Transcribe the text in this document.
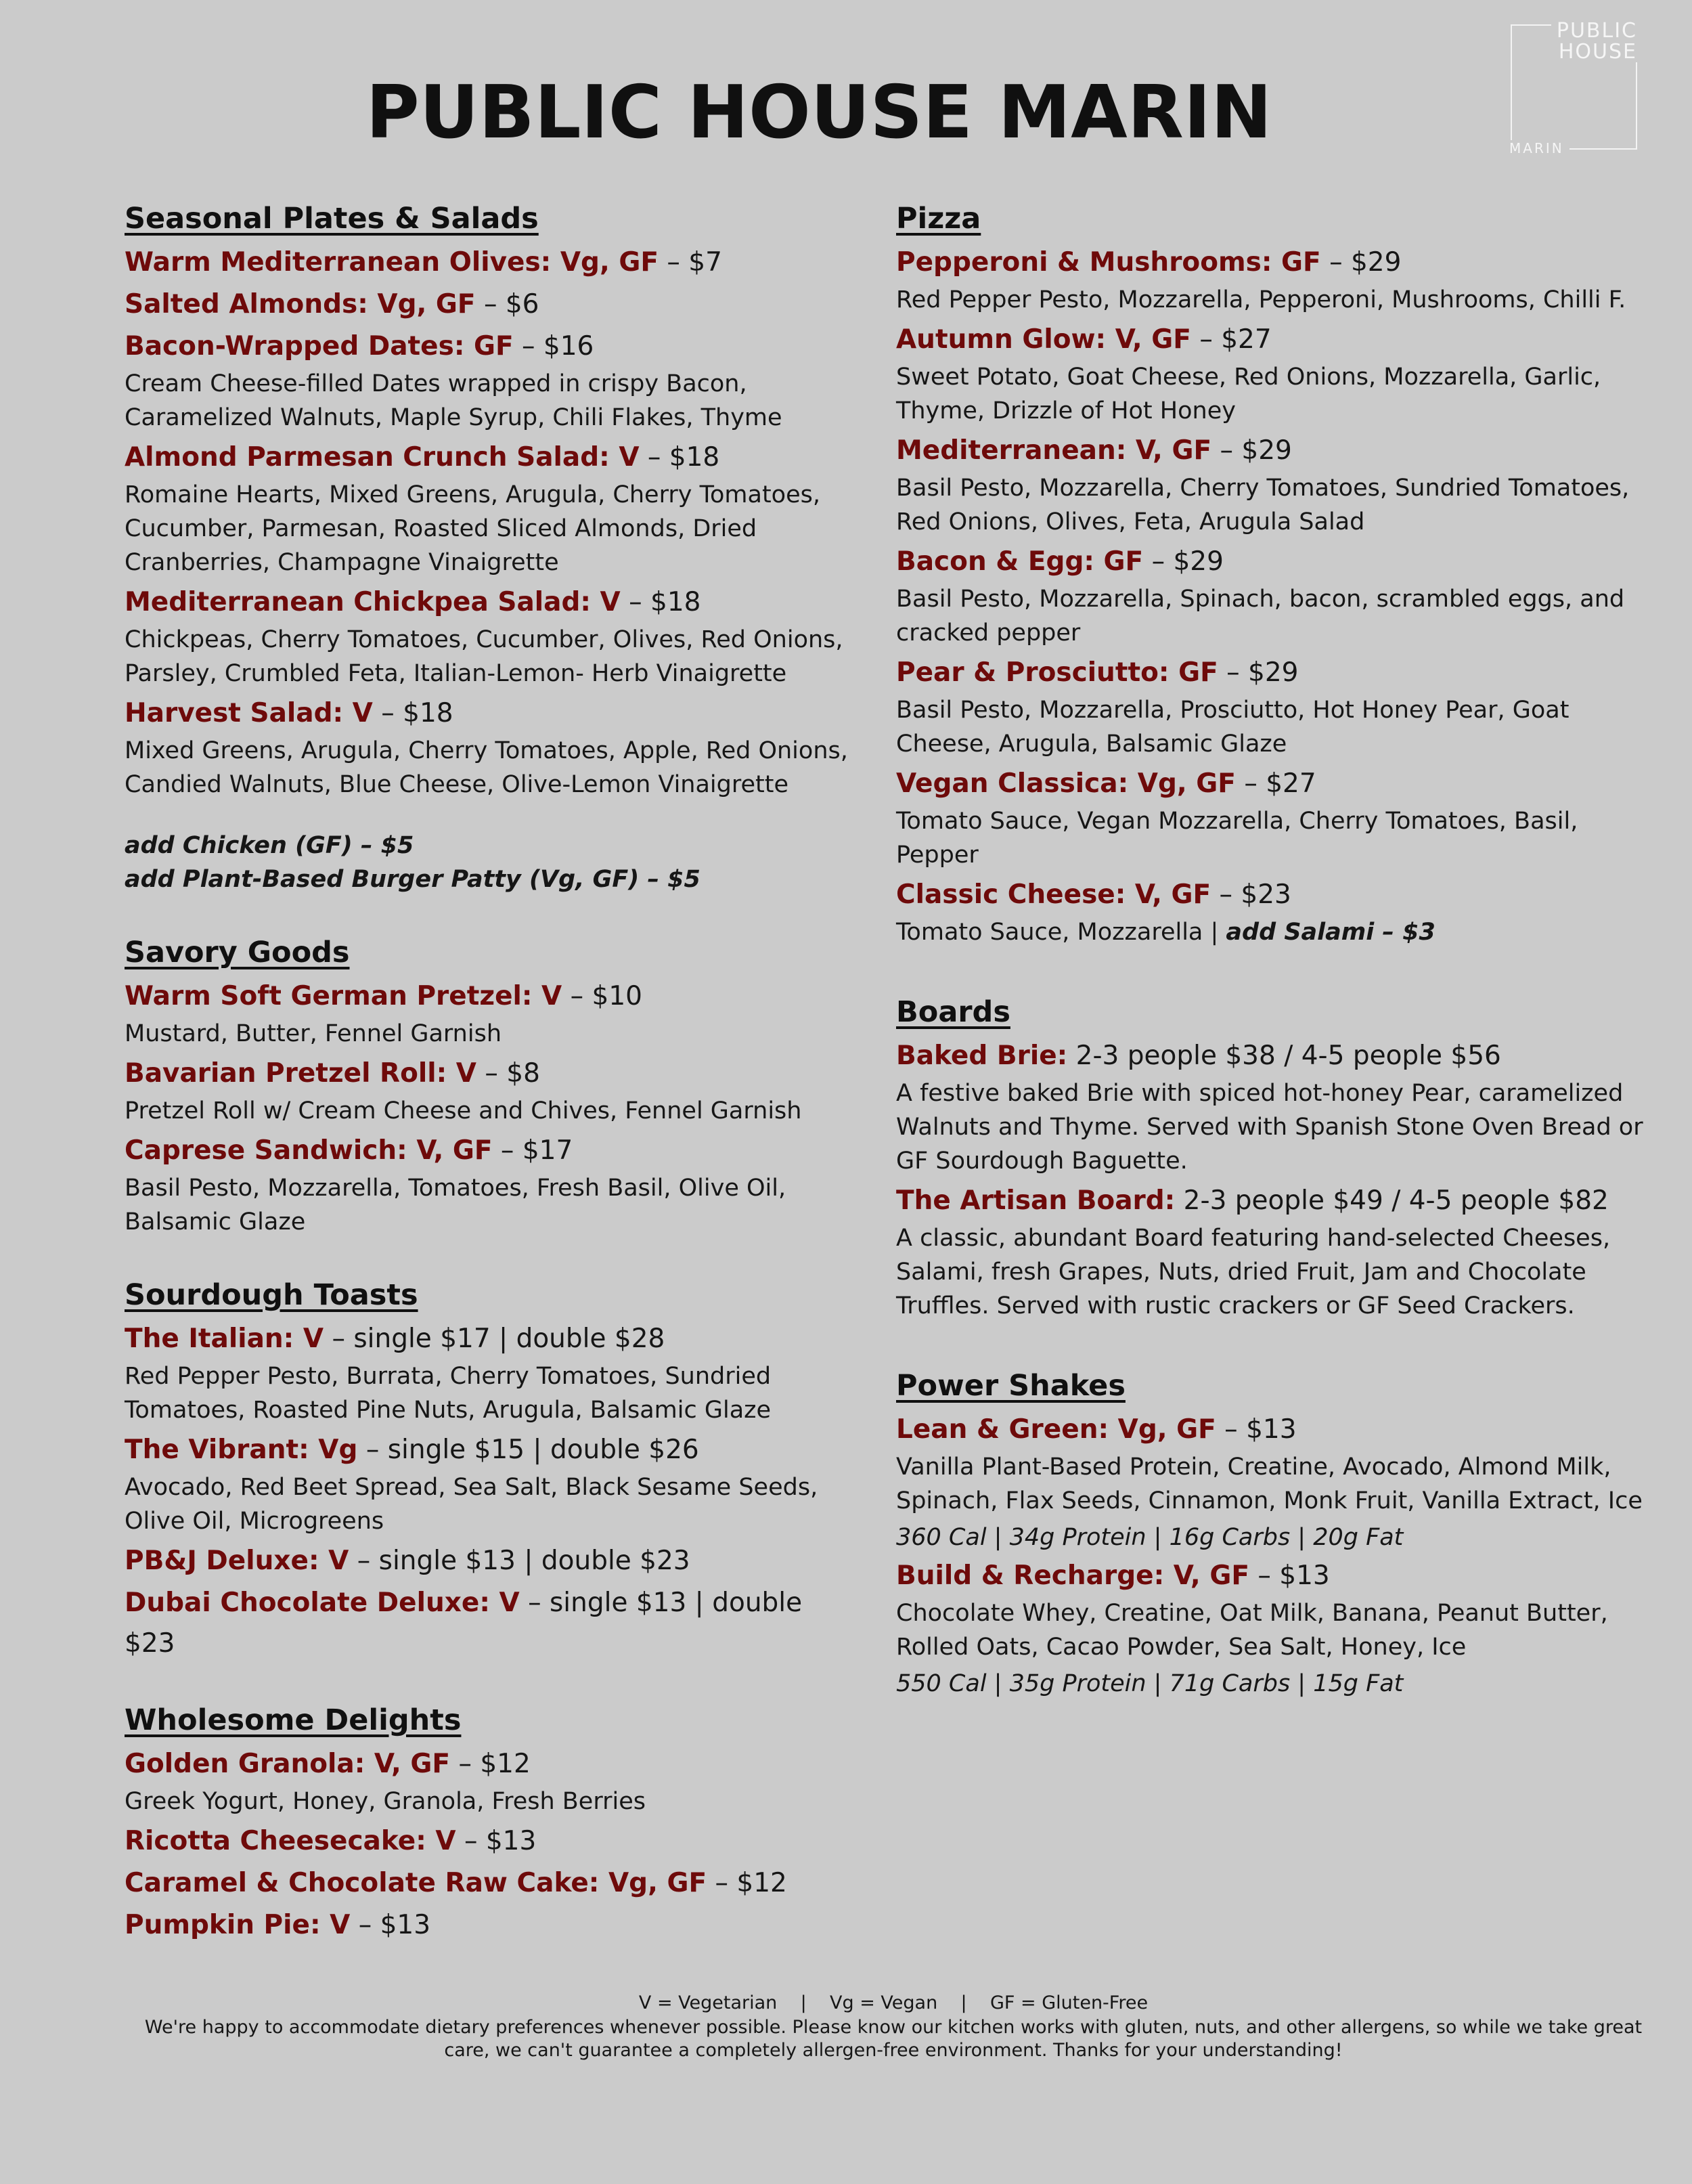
PUBLIC
HOUSE
MARIN
PUBLIC HOUSE MARIN
Seasonal Plates & Salads
Warm Mediterranean Olives: Vg, GF – $7
Salted Almonds: Vg, GF – $6
Bacon-Wrapped Dates: GF – $16
Cream Cheese-filled Dates wrapped in crispy Bacon, Caramelized Walnuts, Maple Syrup, Chili Flakes, Thyme
Almond Parmesan Crunch Salad: V – $18
Romaine Hearts, Mixed Greens, Arugula, Cherry Tomatoes, Cucumber, Parmesan, Roasted Sliced Almonds, Dried Cranberries, Champagne Vinaigrette
Mediterranean Chickpea Salad: V – $18
Chickpeas, Cherry Tomatoes, Cucumber, Olives, Red Onions, Parsley, Crumbled Feta, Italian-Lemon- Herb Vinaigrette
Harvest Salad: V – $18
Mixed Greens, Arugula, Cherry Tomatoes, Apple, Red Onions, Candied Walnuts, Blue Cheese, Olive-Lemon Vinaigrette
add Chicken (GF) – $5
add Plant-Based Burger Patty (Vg, GF) – $5
Savory Goods
Warm Soft German Pretzel: V – $10
Mustard, Butter, Fennel Garnish
Bavarian Pretzel Roll: V – $8
Pretzel Roll w/ Cream Cheese and Chives, Fennel Garnish
Caprese Sandwich: V, GF – $17
Basil Pesto, Mozzarella, Tomatoes, Fresh Basil, Olive Oil, Balsamic Glaze
Sourdough Toasts
The Italian: V – single $17 | double $28
Red Pepper Pesto, Burrata, Cherry Tomatoes, Sundried Tomatoes, Roasted Pine Nuts, Arugula, Balsamic Glaze
The Vibrant: Vg – single $15 | double $26
Avocado, Red Beet Spread, Sea Salt, Black Sesame Seeds, Olive Oil, Microgreens
PB&J Deluxe: V – single $13 | double $23
Dubai Chocolate Deluxe: V – single $13 | double $23
Wholesome Delights
Golden Granola: V, GF – $12
Greek Yogurt, Honey, Granola, Fresh Berries
Ricotta Cheesecake: V – $13
Caramel & Chocolate Raw Cake: Vg, GF – $12
Pumpkin Pie: V – $13
Pizza
Pepperoni & Mushrooms: GF – $29
Red Pepper Pesto, Mozzarella, Pepperoni, Mushrooms, Chilli F.
Autumn Glow: V, GF – $27
Sweet Potato, Goat Cheese, Red Onions, Mozzarella, Garlic, Thyme, Drizzle of Hot Honey
Mediterranean: V, GF – $29
Basil Pesto, Mozzarella, Cherry Tomatoes, Sundried Tomatoes, Red Onions, Olives, Feta, Arugula Salad
Bacon & Egg: GF – $29
Basil Pesto, Mozzarella, Spinach, bacon, scrambled eggs, and cracked pepper
Pear & Prosciutto: GF – $29
Basil Pesto, Mozzarella, Prosciutto, Hot Honey Pear, Goat Cheese, Arugula, Balsamic Glaze
Vegan Classica: Vg, GF – $27
Tomato Sauce, Vegan Mozzarella, Cherry Tomatoes, Basil, Pepper
Classic Cheese: V, GF – $23
Tomato Sauce, Mozzarella | add Salami – $3
Boards
Baked Brie: 2-3 people $38 / 4-5 people $56
A festive baked Brie with spiced hot-honey Pear, caramelized Walnuts and Thyme. Served with Spanish Stone Oven Bread or GF Sourdough Baguette.
The Artisan Board: 2-3 people $49 / 4-5 people $82
A classic, abundant Board featuring hand-selected Cheeses, Salami, fresh Grapes, Nuts, dried Fruit, Jam and Chocolate Truffles. Served with rustic crackers or GF Seed Crackers.
Power Shakes
Lean & Green: Vg, GF – $13
Vanilla Plant-Based Protein, Creatine, Avocado, Almond Milk, Spinach, Flax Seeds, Cinnamon, Monk Fruit, Vanilla Extract, Ice
360 Cal | 34g Protein | 16g Carbs | 20g Fat
Build & Recharge: V, GF – $13
Chocolate Whey, Creatine, Oat Milk, Banana, Peanut Butter, Rolled Oats, Cacao Powder, Sea Salt, Honey, Ice
550 Cal | 35g Protein | 71g Carbs | 15g Fat
V = Vegetarian    |    Vg = Vegan    |    GF = Gluten-Free
We're happy to accommodate dietary preferences whenever possible. Please know our kitchen works with gluten, nuts, and other allergens, so while we take great care, we can't guarantee a completely allergen-free environment. Thanks for your understanding!
